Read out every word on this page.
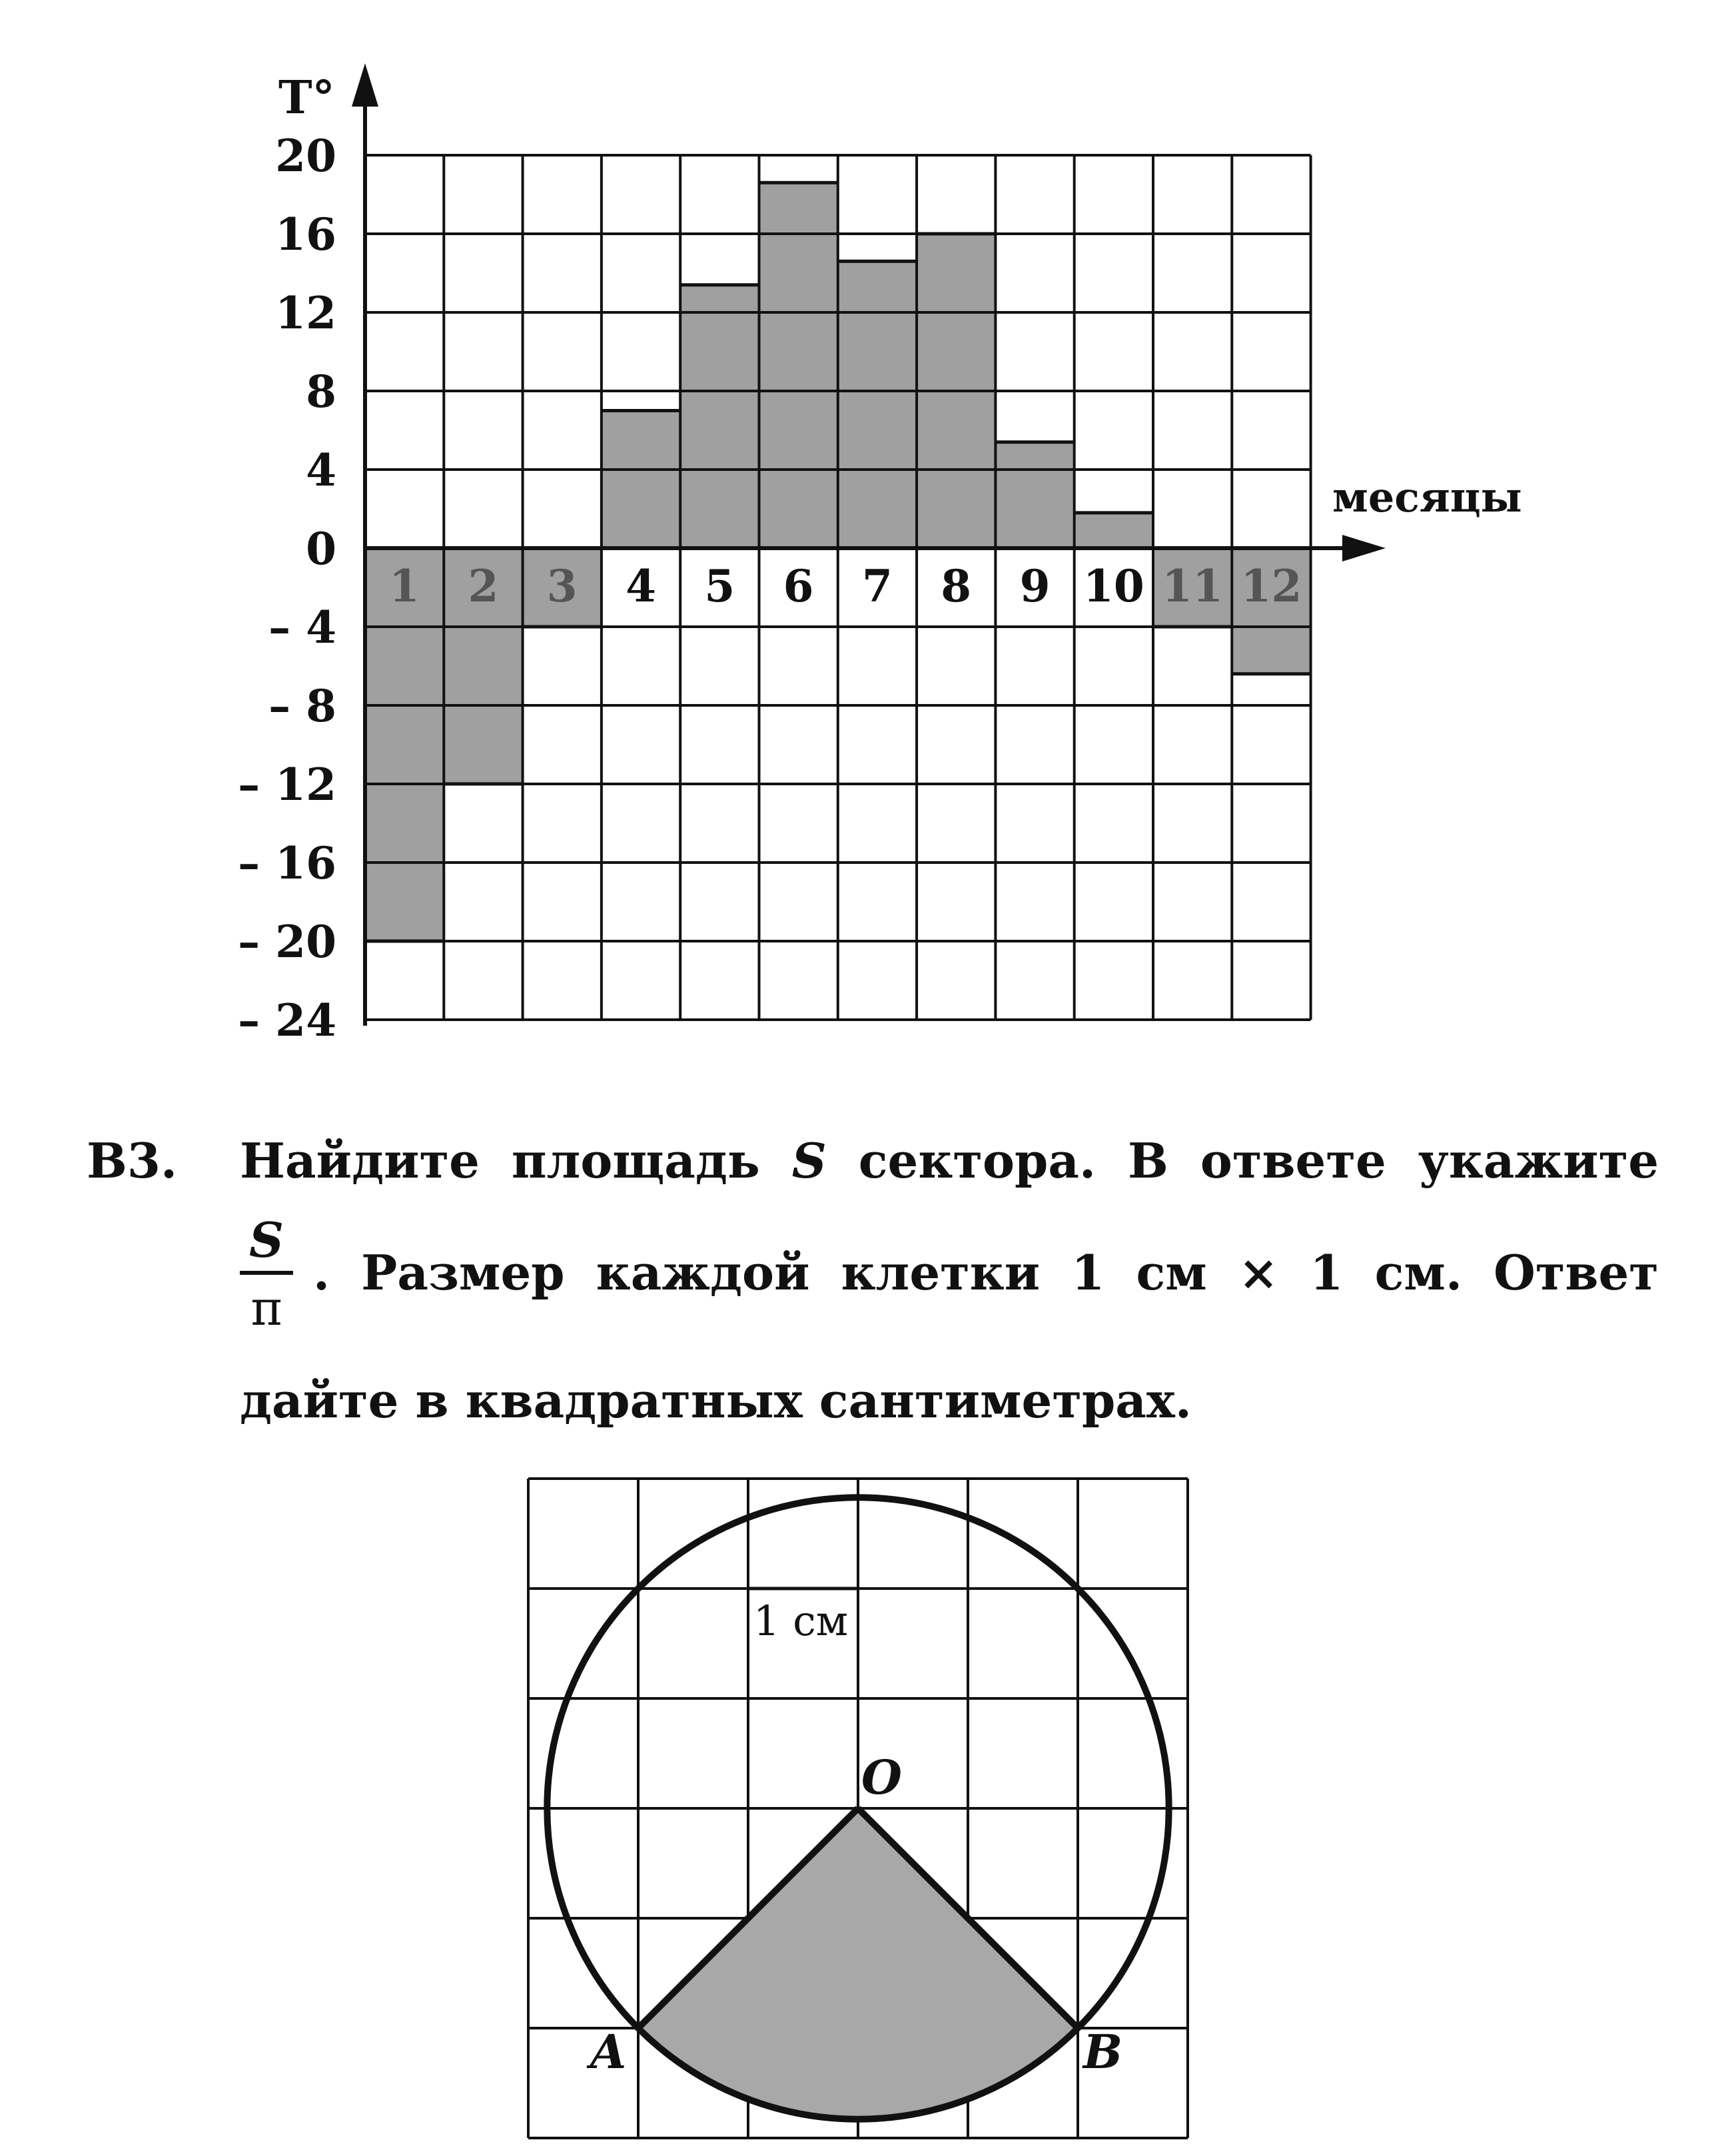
T°
месяцы
20
16
12
8
4
0
– 4
– 8
– 12
– 16
– 20
– 24
1 2 3 4 5 6 7 8 9 10 11 12
В3. Найдите площадь S сектора. В ответе укажите
S
π
. Размер каждой клетки 1 см × 1 см. Ответ
дайте в квадратных сантиметрах.
1 см
O
A	B
